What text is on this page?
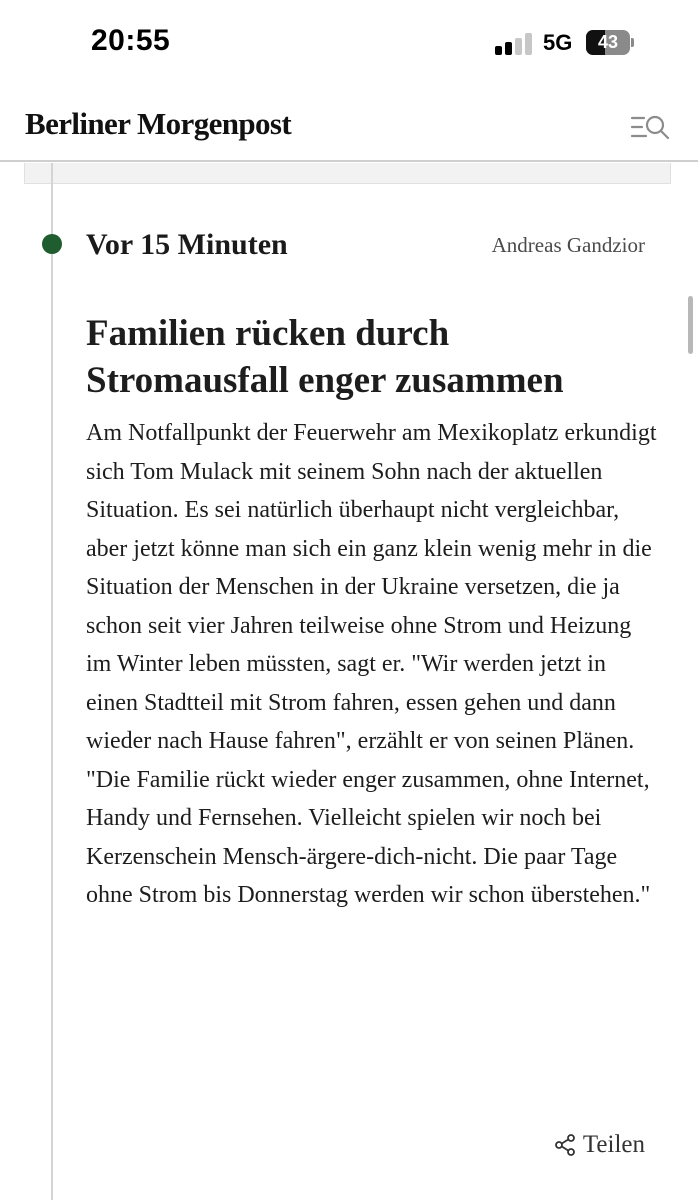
20:55	5G	43
Berliner Morgenpost
Vor 15 Minuten	Andreas Gandzior
Familien rücken durch Stromausfall enger zusammen

Am Notfallpunkt der Feuerwehr am Mexikoplatz erkundigt sich Tom Mulack mit seinem Sohn nach der aktuellen Situation. Es sei natürlich überhaupt nicht vergleichbar, aber jetzt könne man sich ein ganz klein wenig mehr in die Situation der Menschen in der Ukraine versetzen, die ja schon seit vier Jahren teilweise ohne Strom und Heizung im Winter leben müssten, sagt er. "Wir werden jetzt in einen Stadtteil mit Strom fahren, essen gehen und dann wieder nach Hause fahren", erzählt er von seinen Plänen. "Die Familie rückt wieder enger zusammen, ohne Internet, Handy und Fernsehen. Vielleicht spielen wir noch bei Kerzenschein Mensch-ärgere-dich-nicht. Die paar Tage ohne Strom bis Donnerstag werden wir schon überstehen."

Teilen
